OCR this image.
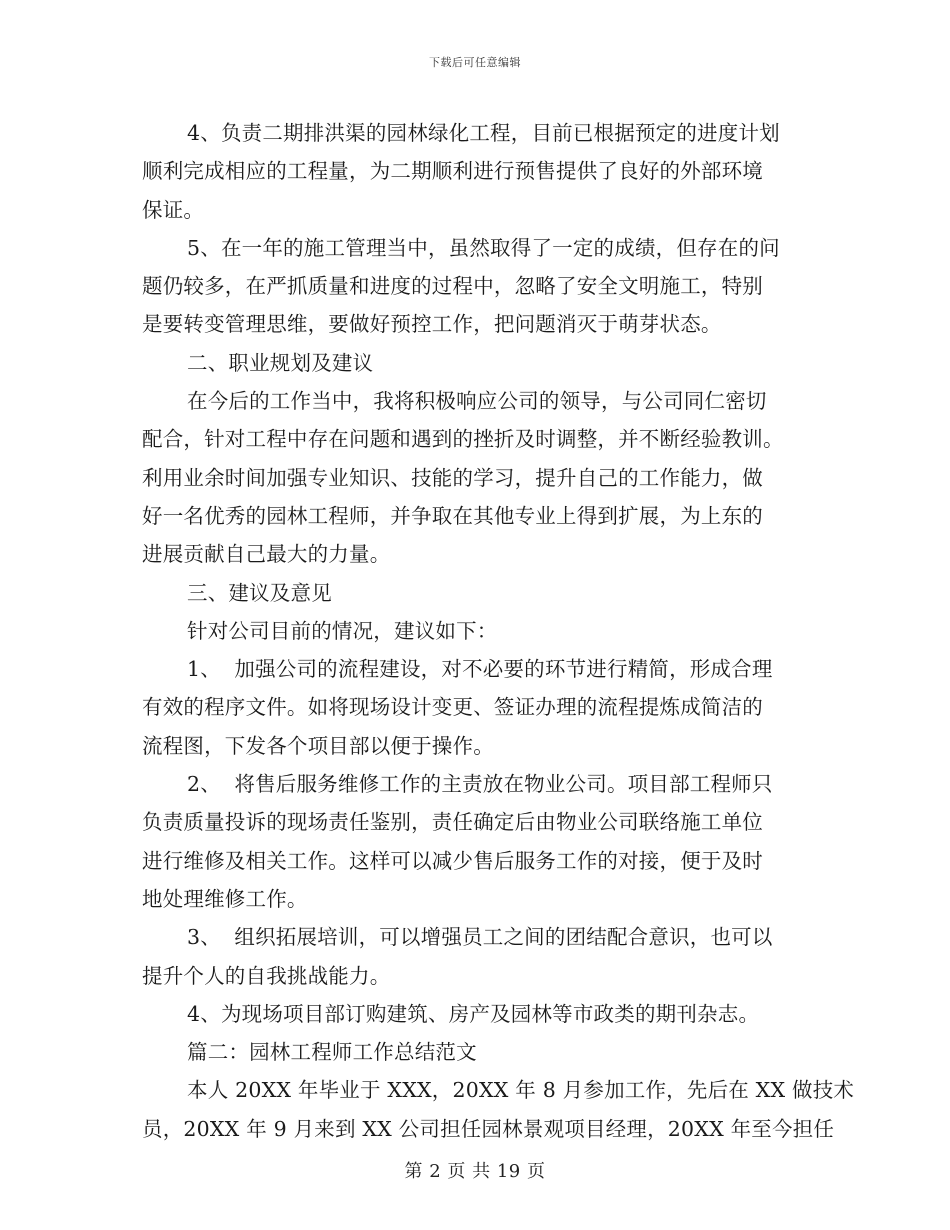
下载后可任意编辑
4、负责二期排洪渠的园林绿化工程，目前已根据预定的进度计划
顺利完成相应的工程量，为二期顺利进行预售提供了良好的外部环境
保证。
5、在一年的施工管理当中，虽然取得了一定的成绩，但存在的问
题仍较多，在严抓质量和进度的过程中，忽略了安全文明施工，特别
是要转变管理思维，要做好预控工作，把问题消灭于萌芽状态。
二、职业规划及建议
在今后的工作当中，我将积极响应公司的领导，与公司同仁密切
配合，针对工程中存在问题和遇到的挫折及时调整，并不断经验教训。
利用业余时间加强专业知识、技能的学习，提升自己的工作能力，做
好一名优秀的园林工程师，并争取在其他专业上得到扩展，为上东的
进展贡献自己最大的力量。
三、建议及意见
针对公司目前的情况，建议如下：
1、  加强公司的流程建设，对不必要的环节进行精简，形成合理
有效的程序文件。如将现场设计变更、签证办理的流程提炼成简洁的
流程图，下发各个项目部以便于操作。
2、  将售后服务维修工作的主责放在物业公司。项目部工程师只
负责质量投诉的现场责任鉴别，责任确定后由物业公司联络施工单位
进行维修及相关工作。这样可以减少售后服务工作的对接，便于及时
地处理维修工作。
3、  组织拓展培训，可以增强员工之间的团结配合意识，也可以
提升个人的自我挑战能力。
4、为现场项目部订购建筑、房产及园林等市政类的期刊杂志。
篇二：园林工程师工作总结范文
本人 20XX 年毕业于 XXX，20XX 年 8 月参加工作，先后在 XX 做技术
员，20XX 年 9 月来到 XX 公司担任园林景观项目经理，20XX 年至今担任
第 2 页 共 19 页
